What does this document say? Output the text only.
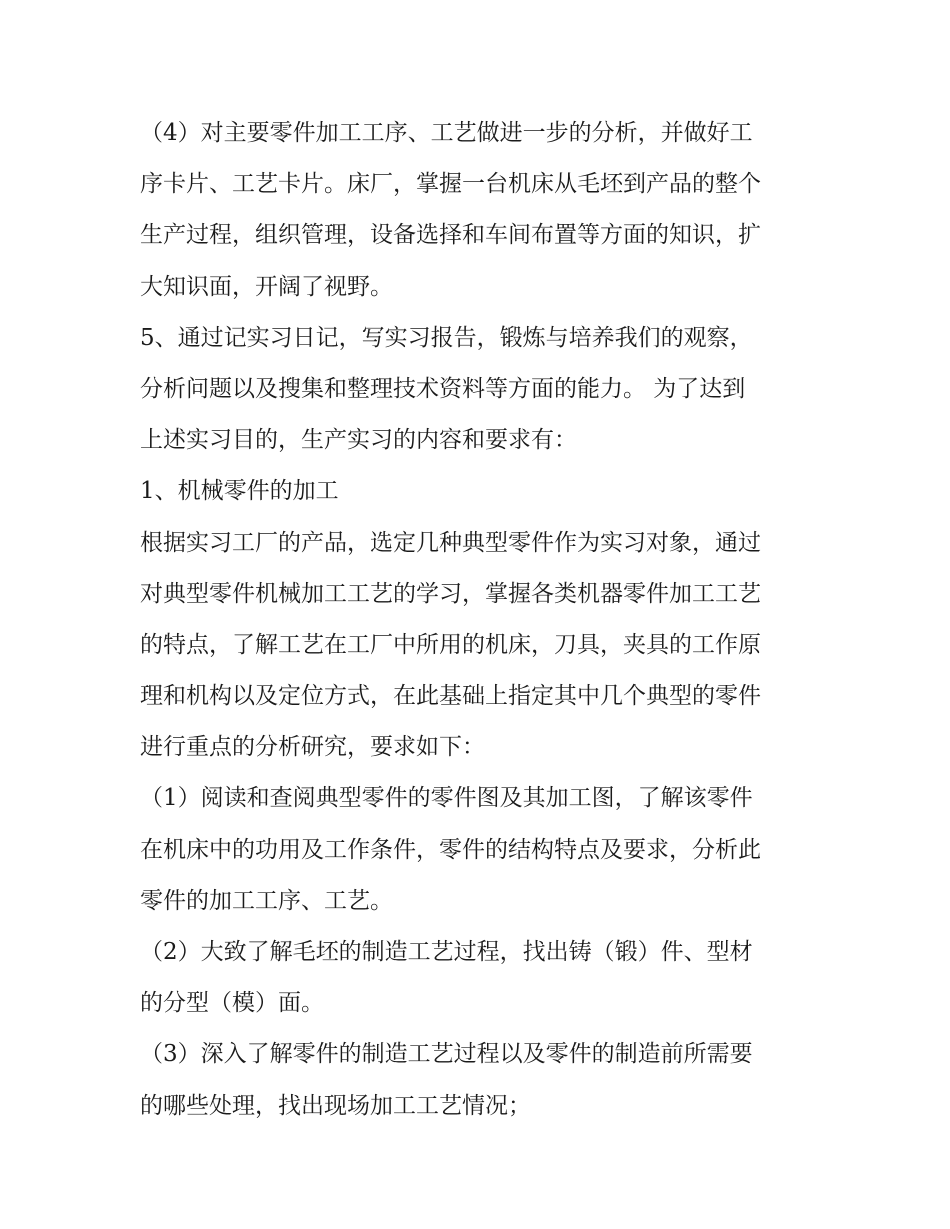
（4）对主要零件加工工序、工艺做进一步的分析，并做好工
序卡片、工艺卡片。床厂，掌握一台机床从毛坯到产品的整个
生产过程，组织管理，设备选择和车间布置等方面的知识，扩
大知识面，开阔了视野。
5、通过记实习日记，写实习报告，锻炼与培养我们的观察，
分析问题以及搜集和整理技术资料等方面的能力。 为了达到
上述实习目的，生产实习的内容和要求有：
1、机械零件的加工
根据实习工厂的产品，选定几种典型零件作为实习对象，通过
对典型零件机械加工工艺的学习，掌握各类机器零件加工工艺
的特点，了解工艺在工厂中所用的机床，刀具，夹具的工作原
理和机构以及定位方式，在此基础上指定其中几个典型的零件
进行重点的分析研究，要求如下：
（1）阅读和查阅典型零件的零件图及其加工图，了解该零件
在机床中的功用及工作条件，零件的结构特点及要求，分析此
零件的加工工序、工艺。
（2）大致了解毛坯的制造工艺过程，找出铸（锻）件、型材
的分型（模）面。
（3）深入了解零件的制造工艺过程以及零件的制造前所需要
的哪些处理，找出现场加工工艺情况；
